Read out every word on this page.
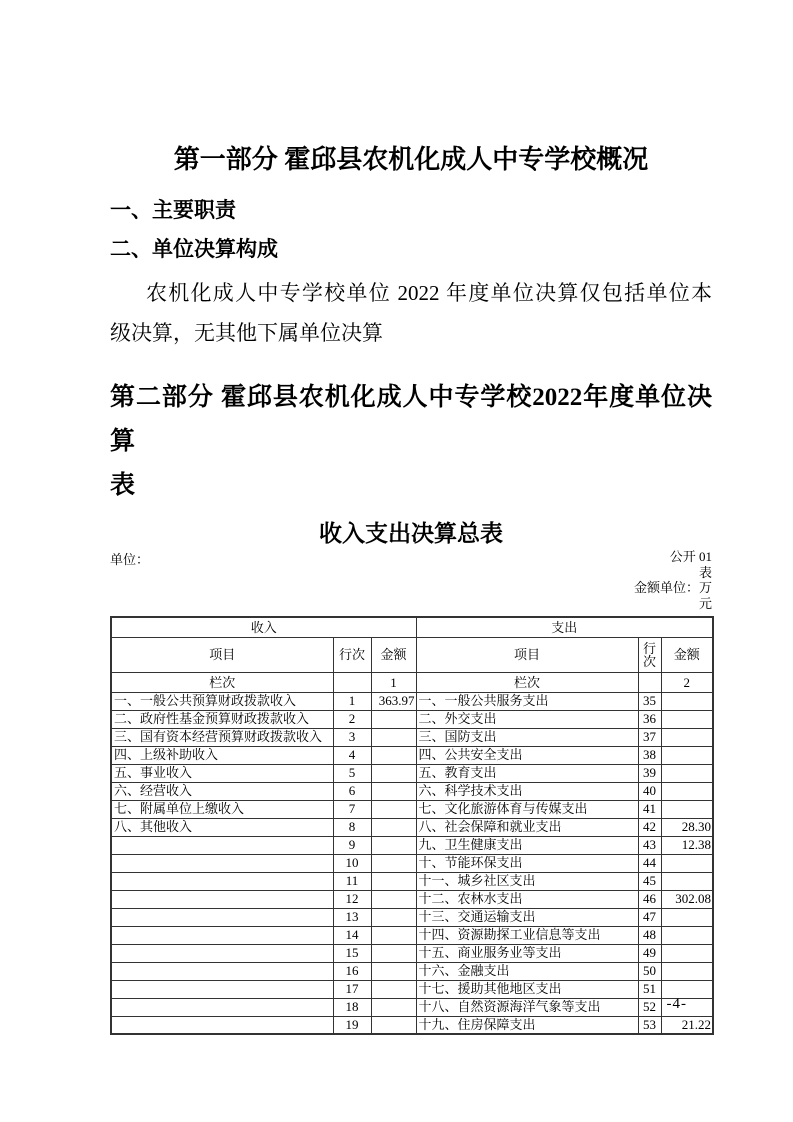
第一部分 霍邱县农机化成人中专学校概况
一、主要职责
二、单位决算构成
农机化成人中专学校单位 2022 年度单位决算仅包括单位本
级决算，无其他下属单位决算
第二部分 霍邱县农机化成人中专学校2022年度单位决算
表
收入支出决算总表
公开 01
表
金额单位：万
元
单位：
收入			支出		
项目	行次	金额	项目	行次	金额
栏次		1	栏次		2
一、一般公共预算财政拨款收入	1	363.97	一、一般公共服务支出	35	
二、政府性基金预算财政拨款收入	2		二、外交支出	36	
三、国有资本经营预算财政拨款收入	3		三、国防支出	37	
四、上级补助收入	4		四、公共安全支出	38	
五、事业收入	5		五、教育支出	39	
六、经营收入	6		六、科学技术支出	40	
七、附属单位上缴收入	7		七、文化旅游体育与传媒支出	41	
八、其他收入	8		八、社会保障和就业支出	42	28.30
	9		九、卫生健康支出	43	12.38
	10		十、节能环保支出	44	
	11		十一、城乡社区支出	45	
	12		十二、农林水支出	46	302.08
	13		十三、交通运输支出	47	
	14		十四、资源勘探工业信息等支出	48	
	15		十五、商业服务业等支出	49	
	16		十六、金融支出	50	
	17		十七、援助其他地区支出	51	
	18		十八、自然资源海洋气象等支出	52	
	19		十九、住房保障支出	53	21.22
-4-
